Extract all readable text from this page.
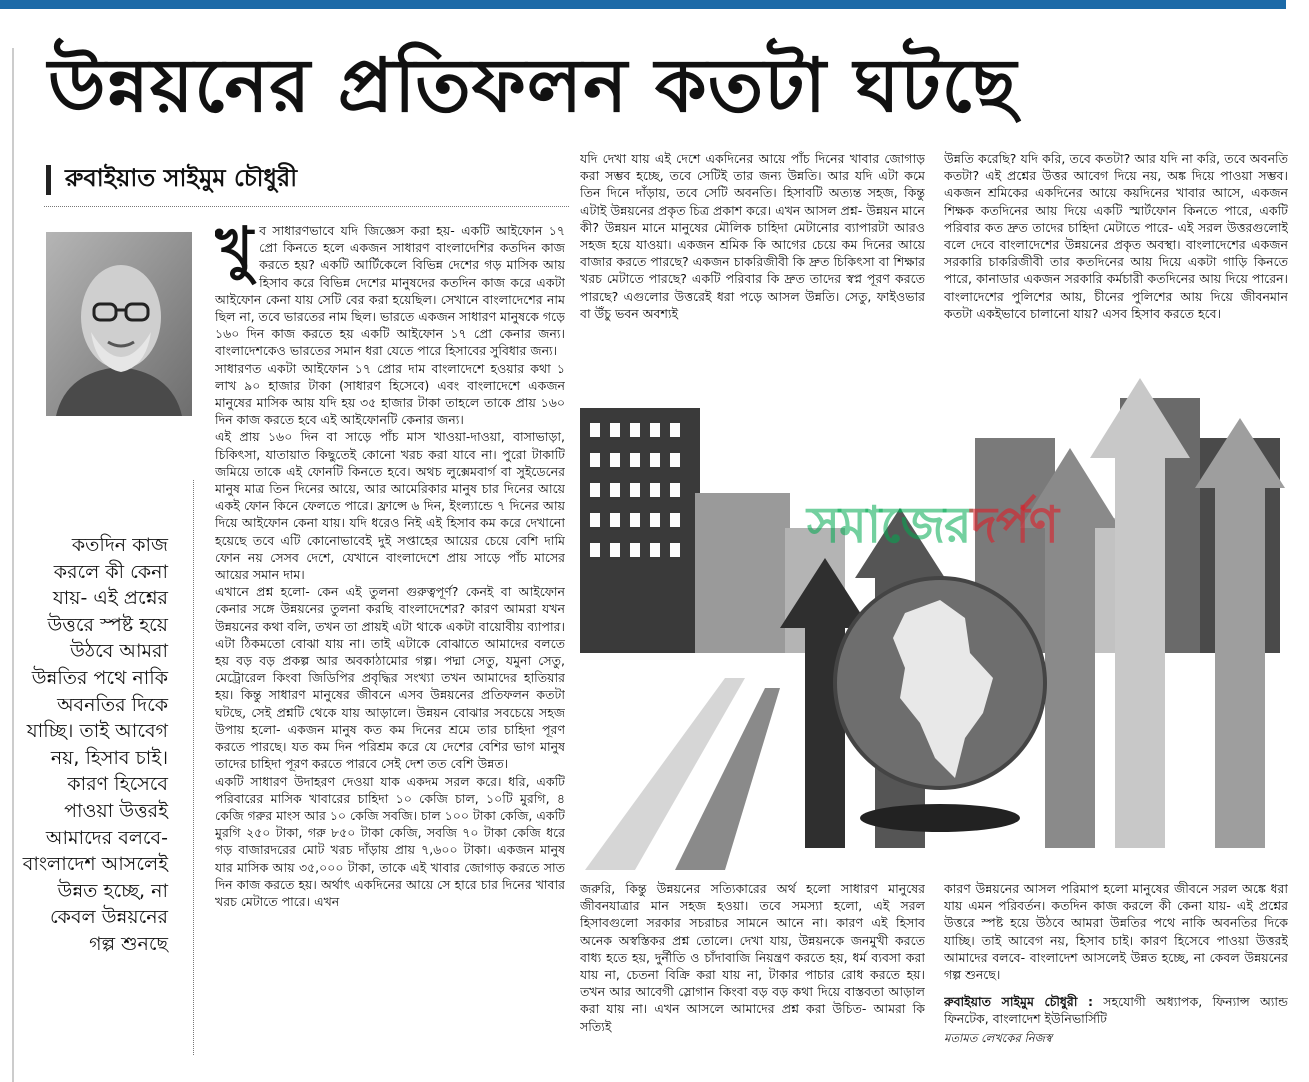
উন্নয়নের প্রতিফলন কতটা ঘটছে
রুবাইয়াত সাইমুম চৌধুরী
কতদিন কাজ করলে কী কেনা যায়- এই প্রশ্নের উত্তরে স্পষ্ট হয়ে উঠবে আমরা উন্নতির পথে নাকি অবনতির দিকে যাচ্ছি। তাই আবেগ নয়, হিসাব চাই। কারণ হিসেবে পাওয়া উত্তরই আমাদের বলবে- বাংলাদেশ আসলেই উন্নত হচ্ছে, না কেবল উন্নয়নের গল্প শুনছে
খু ব সাধারণভাবে যদি জিজ্ঞেস করা হয়- একটি আইফোন ১৭ প্রো কিনতে হলে একজন সাধারণ বাংলাদেশির কতদিন কাজ করতে হয়? একটি আর্টিকেলে বিভিন্ন দেশের গড় মাসিক আয় হিসাব করে বিভিন্ন দেশের মানুষদের কতদিন কাজ করে একটা আইফোন কেনা যায় সেটি বের করা হয়েছিল। সেখানে বাংলাদেশের নাম ছিল না, তবে ভারতের নাম ছিল। ভারতে একজন সাধারণ মানুষকে গড়ে ১৬০ দিন কাজ করতে হয় একটি আইফোন ১৭ প্রো কেনার জন্য। বাংলাদেশকেও ভারতের সমান ধরা যেতে পারে হিসাবের সুবিধার জন্য।

সাধারণত একটা আইফোন ১৭ প্রোর দাম বাংলাদেশে হওয়ার কথা ১ লাখ ৯০ হাজার টাকা (সাধারণ হিসেবে) এবং বাংলাদেশে একজন মানুষের মাসিক আয় যদি হয় ৩৫ হাজার টাকা তাহলে তাকে প্রায় ১৬০ দিন কাজ করতে হবে এই আইফোনটি কেনার জন্য।

এই প্রায় ১৬০ দিন বা সাড়ে পাঁচ মাস খাওয়া-দাওয়া, বাসাভাড়া, চিকিৎসা, যাতায়াত কিছুতেই কোনো খরচ করা যাবে না। পুরো টাকাটি জমিয়ে তাকে এই ফোনটি কিনতে হবে। অথচ লুক্সেমবার্গ বা সুইডেনের মানুষ মাত্র তিন দিনের আয়ে, আর আমেরিকার মানুষ চার দিনের আয়ে একই ফোন কিনে ফেলতে পারে। ফ্রান্সে ৬ দিন, ইংল্যান্ডে ৭ দিনের আয় দিয়ে আইফোন কেনা যায়। যদি ধরেও নিই এই হিসাব কম করে দেখানো হয়েছে তবে এটি কোনোভাবেই দুই সপ্তাহের আয়ের চেয়ে বেশি দামি ফোন নয় সেসব দেশে, যেখানে বাংলাদেশে প্রায় সাড়ে পাঁচ মাসের আয়ের সমান দাম।

এখানে প্রশ্ন হলো- কেন এই তুলনা গুরুত্বপূর্ণ? কেনই বা আইফোন কেনার সঙ্গে উন্নয়নের তুলনা করছি বাংলাদেশের? কারণ আমরা যখন উন্নয়নের কথা বলি, তখন তা প্রায়ই এটা থাকে একটা বায়োবীয় ব্যাপার। এটা ঠিকমতো বোঝা যায় না। তাই এটাকে বোঝাতে আমাদের বলতে হয় বড় বড় প্রকল্প আর অবকাঠামোর গল্প। পদ্মা সেতু, যমুনা সেতু, মেট্রোরেল কিংবা জিডিপির প্রবৃদ্ধির সংখ্যা তখন আমাদের হাতিয়ার হয়। কিন্তু সাধারণ মানুষের জীবনে এসব উন্নয়নের প্রতিফলন কতটা ঘটছে, সেই প্রশ্নটি থেকে যায় আড়ালে। উন্নয়ন বোঝার সবচেয়ে সহজ উপায় হলো- একজন মানুষ কত কম দিনের শ্রমে তার চাহিদা পূরণ করতে পারছে। যত কম দিন পরিশ্রম করে যে দেশের বেশির ভাগ মানুষ তাদের চাহিদা পূরণ করতে পারবে সেই দেশ তত বেশি উন্নত।

একটি সাধারণ উদাহরণ দেওয়া যাক একদম সরল করে। ধরি, একটি পরিবারের মাসিক খাবারের চাহিদা ১০ কেজি চাল, ১০টি মুরগি, ৪ কেজি গরুর মাংস আর ১০ কেজি সবজি। চাল ১০০ টাকা কেজি, একটি মুরগি ২৫০ টাকা, গরু ৮৫০ টাকা কেজি, সবজি ৭০ টাকা কেজি ধরে গড় বাজারদরের মোট খরচ দাঁড়ায় প্রায় ৭,৬০০ টাকা। একজন মানুষ যার মাসিক আয় ৩৫,০০০ টাকা, তাকে এই খাবার জোগাড় করতে সাত দিন কাজ করতে হয়। অর্থাৎ একদিনের আয়ে সে হারে চার দিনের খাবার খরচ মেটাতে পারে। এখন

যদি দেখা যায় এই দেশে একদিনের আয়ে পাঁচ দিনের খাবার জোগাড় করা সম্ভব হচ্ছে, তবে সেটিই তার জন্য উন্নতি। আর যদি এটা কমে তিন দিনে দাঁড়ায়, তবে সেটি অবনতি। হিসাবটি অত্যন্ত সহজ, কিন্তু এটাই উন্নয়নের প্রকৃত চিত্র প্রকাশ করে। এখন আসল প্রশ্ন- উন্নয়ন মানে কী? উন্নয়ন মানে মানুষের মৌলিক চাহিদা মেটানোর ব্যাপারটা আরও সহজ হয়ে যাওয়া। একজন শ্রমিক কি আগের চেয়ে কম দিনের আয়ে বাজার করতে পারছে? একজন চাকরিজীবী কি দ্রুত চিকিৎসা বা শিক্ষার খরচ মেটাতে পারছে? একটি পরিবার কি দ্রুত তাদের স্বপ্ন পূরণ করতে পারছে? এগুলোর উত্তরেই ধরা পড়ে আসল উন্নতি। সেতু, ফাইওভার বা উঁচু ভবন অবশ্যই

উন্নতি করেছি? যদি করি, তবে কতটা? আর যদি না করি, তবে অবনতি কতটা? এই প্রশ্নের উত্তর আবেগ দিয়ে নয়, অঙ্ক দিয়ে পাওয়া সম্ভব। একজন শ্রমিকের একদিনের আয়ে কয়দিনের খাবার আসে, একজন শিক্ষক কতদিনের আয় দিয়ে একটি স্মার্টফোন কিনতে পারে, একটি পরিবার কত দ্রুত তাদের চাহিদা মেটাতে পারে- এই সরল উত্তরগুলোই বলে দেবে বাংলাদেশের উন্নয়নের প্রকৃত অবস্থা। বাংলাদেশের একজন সরকারি চাকরিজীবী তার কতদিনের আয় দিয়ে একটা গাড়ি কিনতে পারে, কানাডার একজন সরকারি কর্মচারী কতদিনের আয় দিয়ে পারেন। বাংলাদেশের পুলিশের আয়, চীনের পুলিশের আয় দিয়ে জীবনমান কতটা একইভাবে চালানো যায়? এসব হিসাব করতে হবে।

সমাজেরদর্পণ

জরুরি, কিন্তু উন্নয়নের সত্যিকারের অর্থ হলো সাধারণ মানুষের জীবনযাত্রার মান সহজ হওয়া। তবে সমস্যা হলো, এই সরল হিসাবগুলো সরকার সচরাচর সামনে আনে না। কারণ এই হিসাব অনেক অস্বস্তিকর প্রশ্ন তোলে। দেখা যায়, উন্নয়নকে জনমুখী করতে বাধ্য হতে হয়, দুর্নীতি ও চাঁদাবাজি নিয়ন্ত্রণ করতে হয়, ধর্ম ব্যবসা করা যায় না, চেতনা বিক্রি করা যায় না, টাকার পাচার রোধ করতে হয়। তখন আর আবেগী স্লোগান কিংবা বড় বড় কথা দিয়ে বাস্তবতা আড়াল করা যায় না। এখন আসলে আমাদের প্রশ্ন করা উচিত- আমরা কি সত্যিই

কারণ উন্নয়নের আসল পরিমাপ হলো মানুষের জীবনে সরল অঙ্কে ধরা যায় এমন পরিবর্তন। কতদিন কাজ করলে কী কেনা যায়- এই প্রশ্নের উত্তরে স্পষ্ট হয়ে উঠবে আমরা উন্নতির পথে নাকি অবনতির দিকে যাচ্ছি। তাই আবেগ নয়, হিসাব চাই। কারণ হিসেবে পাওয়া উত্তরই আমাদের বলবে- বাংলাদেশ আসলেই উন্নত হচ্ছে, না কেবল উন্নয়নের গল্প শুনছে।

রুবাইয়াত সাইমুম চৌধুরী : সহযোগী অধ্যাপক, ফিন্যান্স অ্যান্ড ফিনটেক, বাংলাদেশ ইউনিভার্সিটি

মতামত লেখকের নিজস্ব
